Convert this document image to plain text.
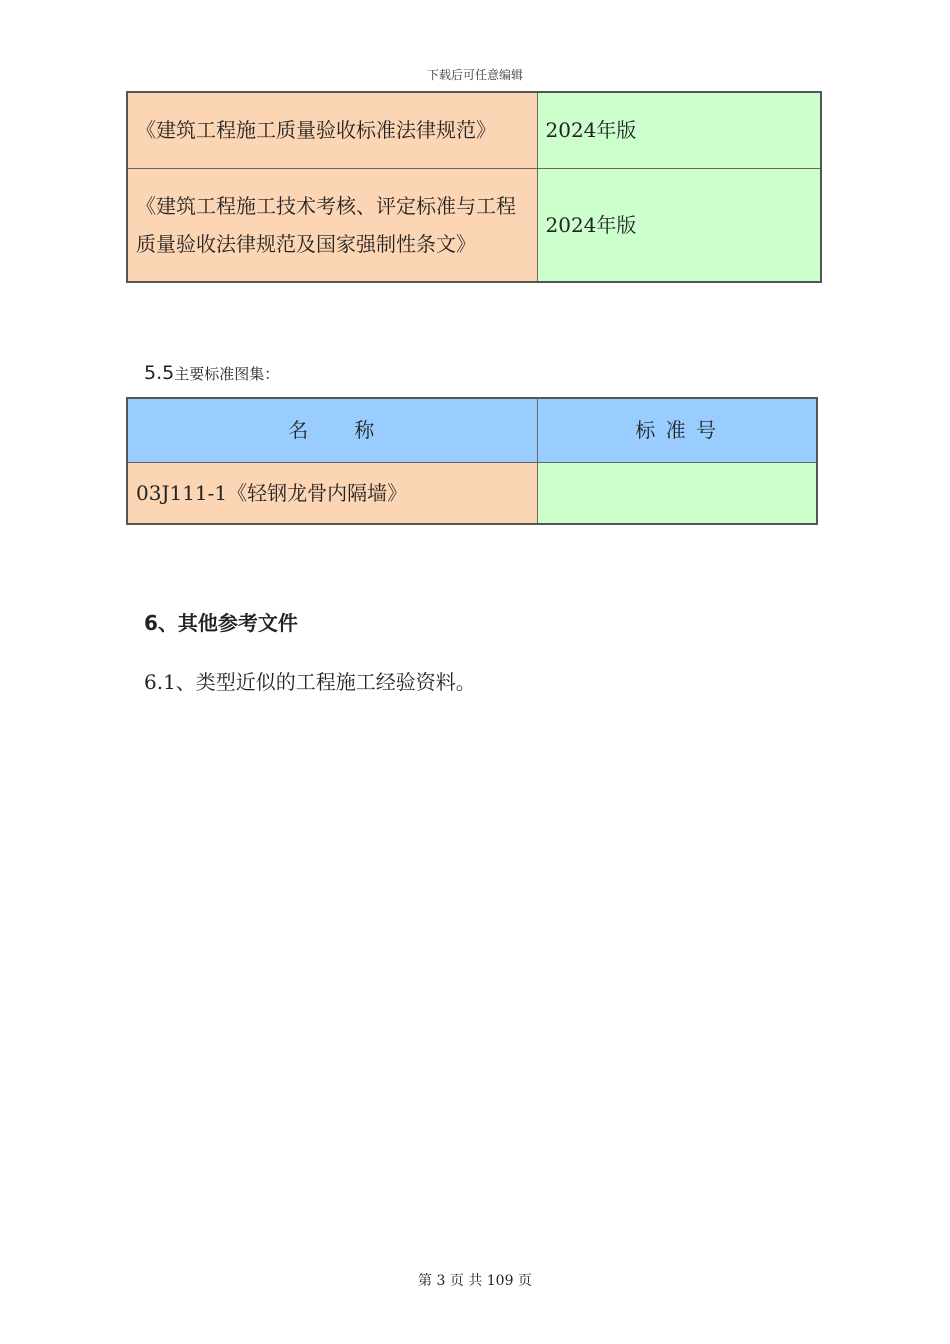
下载后可任意编辑
《建筑工程施工质量验收标准法律规范》	2024年版
《建筑工程施工技术考核、评定标准与工程质量验收法律规范及国家强制性条文》	2024年版
5.5主要标准图集：
名　　称	标 准 号
03J111-1《轻钢龙骨内隔墙》	
6、其他参考文件
6.1、类型近似的工程施工经验资料。
第 3 页 共 109 页
